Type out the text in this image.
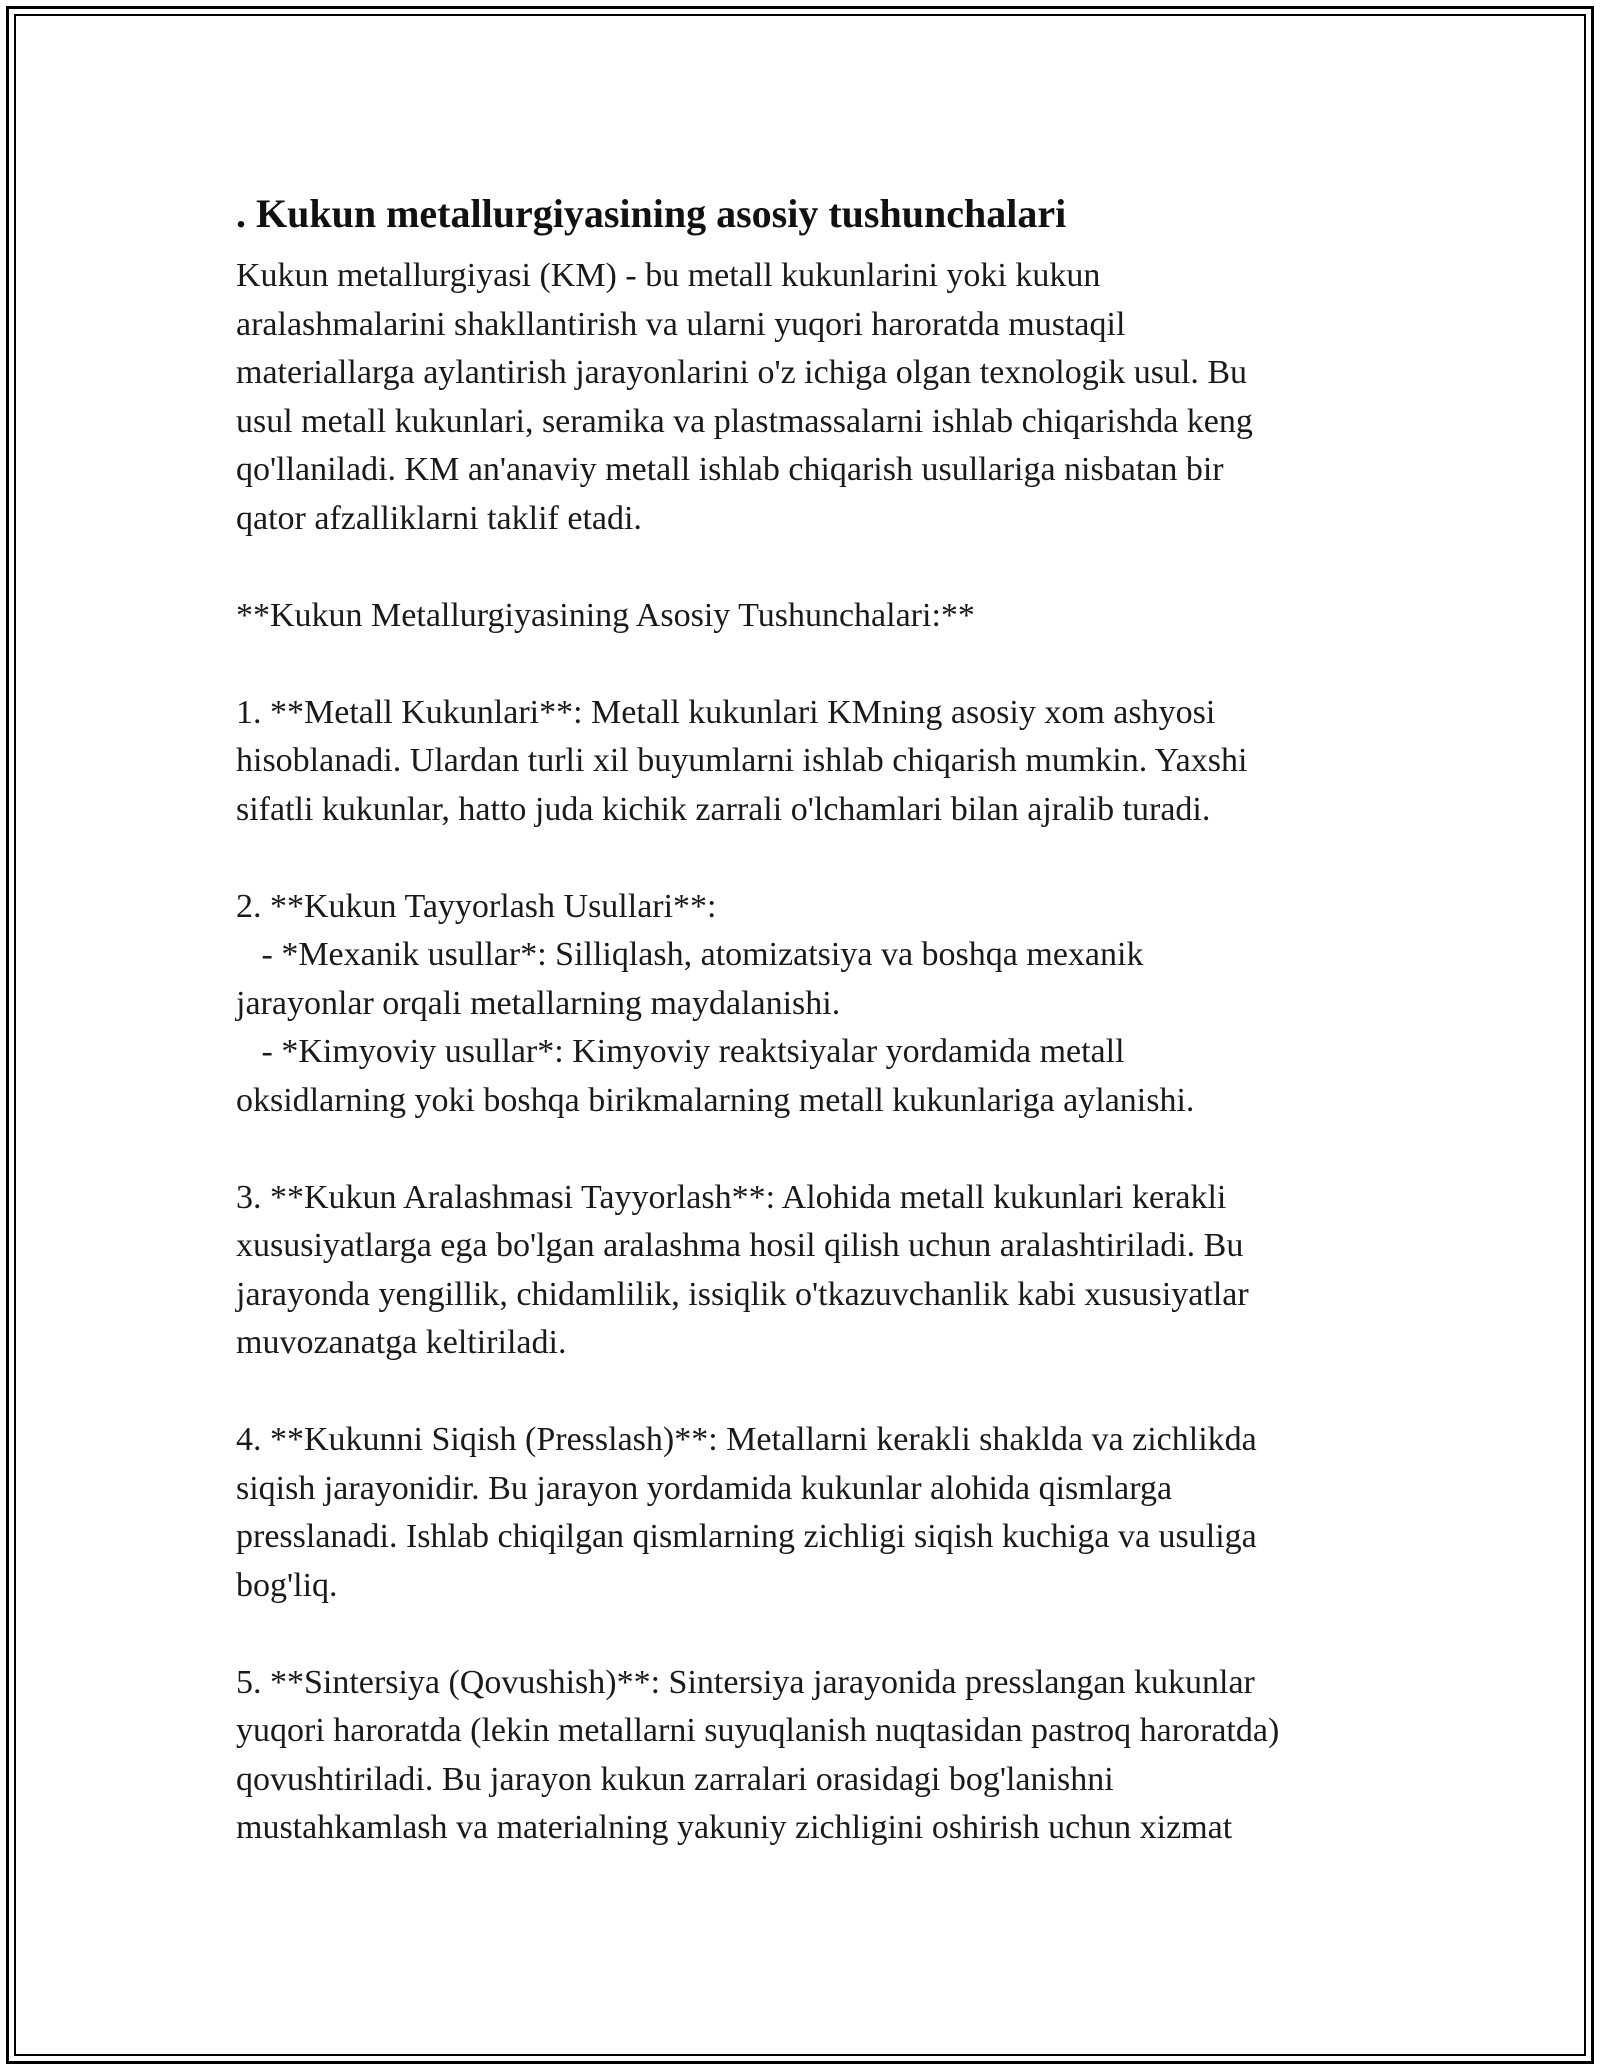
. Kukun metallurgiyasining asosiy tushunchalari

Kukun metallurgiyasi (KM) - bu metall kukunlarini yoki kukun
aralashmalarini shakllantirish va ularni yuqori haroratda mustaqil
materiallarga aylantirish jarayonlarini o'z ichiga olgan texnologik usul. Bu
usul metall kukunlari, seramika va plastmassalarni ishlab chiqarishda keng
qo'llaniladi. KM an'anaviy metall ishlab chiqarish usullariga nisbatan bir
qator afzalliklarni taklif etadi.

**Kukun Metallurgiyasining Asosiy Tushunchalari:**

1. **Metall Kukunlari**: Metall kukunlari KMning asosiy xom ashyosi
hisoblanadi. Ulardan turli xil buyumlarni ishlab chiqarish mumkin. Yaxshi
sifatli kukunlar, hatto juda kichik zarrali o'lchamlari bilan ajralib turadi.

2. **Kukun Tayyorlash Usullari**:
- *Mexanik usullar*: Silliqlash, atomizatsiya va boshqa mexanik
jarayonlar orqali metallarning maydalanishi.
- *Kimyoviy usullar*: Kimyoviy reaktsiyalar yordamida metall
oksidlarning yoki boshqa birikmalarning metall kukunlariga aylanishi.

3. **Kukun Aralashmasi Tayyorlash**: Alohida metall kukunlari kerakli
xususiyatlarga ega bo'lgan aralashma hosil qilish uchun aralashtiriladi. Bu
jarayonda yengillik, chidamlilik, issiqlik o'tkazuvchanlik kabi xususiyatlar
muvozanatga keltiriladi.

4. **Kukunni Siqish (Presslash)**: Metallarni kerakli shaklda va zichlikda
siqish jarayonidir. Bu jarayon yordamida kukunlar alohida qismlarga
presslanadi. Ishlab chiqilgan qismlarning zichligi siqish kuchiga va usuliga
bog'liq.

5. **Sintersiya (Qovushish)**: Sintersiya jarayonida presslangan kukunlar
yuqori haroratda (lekin metallarni suyuqlanish nuqtasidan pastroq haroratda)
qovushtiriladi. Bu jarayon kukun zarralari orasidagi bog'lanishni
mustahkamlash va materialning yakuniy zichligini oshirish uchun xizmat
